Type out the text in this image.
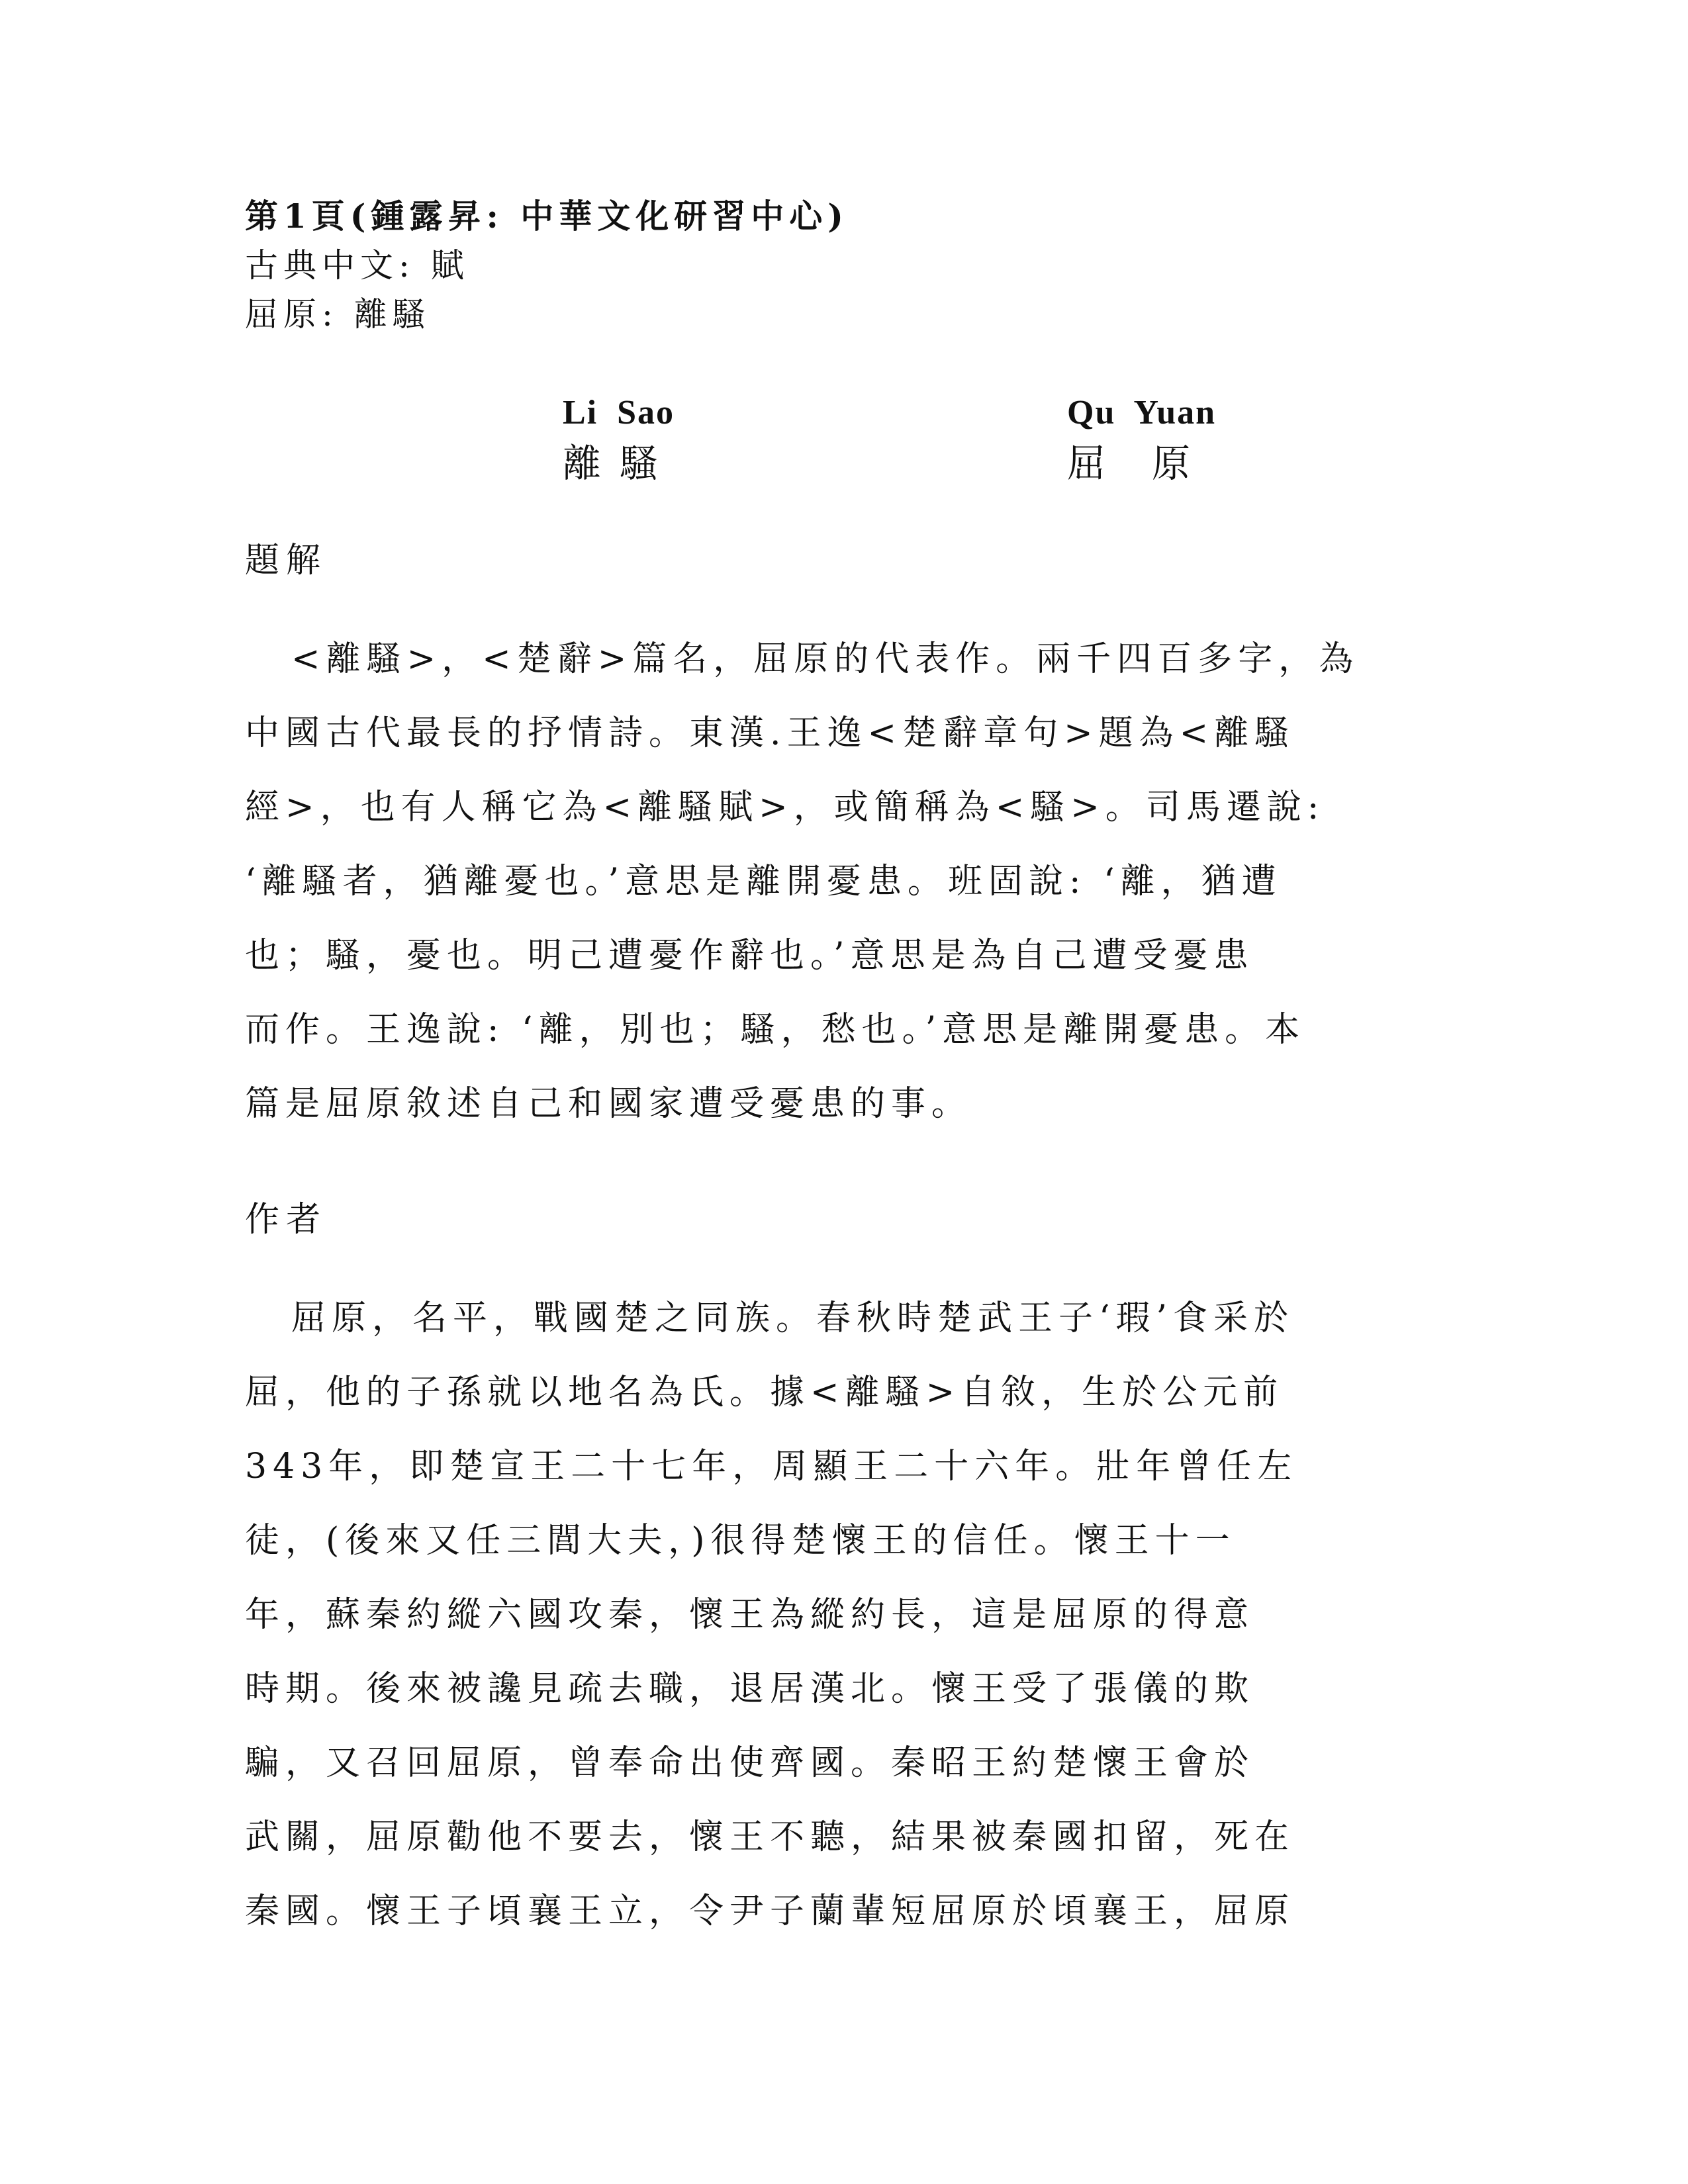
第1頁(鍾露昇: 中華文化研習中心)
古典中文: 賦
屈原: 離騷
Li Sao
離騷
Qu Yuan
屈原
題解
<離騷>，<楚辭>篇名，屈原的代表作。兩千四百多字，為
中國古代最長的抒情詩。東漢.王逸<楚辭章句>題為<離騷
經>，也有人稱它為<離騷賦>，或簡稱為<騷>。司馬遷說:
‘離騷者，猶離憂也。’意思是離開憂患。班固說: ‘離，猶遭
也；騷，憂也。明己遭憂作辭也。’意思是為自己遭受憂患
而作。王逸說: ‘離，別也；騷，愁也。’意思是離開憂患。本
篇是屈原敘述自己和國家遭受憂患的事。
作者
屈原，名平，戰國楚之同族。春秋時楚武王子‘瑕’食采於
屈，他的子孫就以地名為氏。據<離騷>自敘，生於公元前
343年，即楚宣王二十七年，周顯王二十六年。壯年曾任左
徒，(後來又任三閭大夫，)很得楚懷王的信任。懷王十一
年，蘇秦約縱六國攻秦，懷王為縱約長，這是屈原的得意
時期。後來被讒見疏去職，退居漢北。懷王受了張儀的欺
騙，又召回屈原，曾奉命出使齊國。秦昭王約楚懷王會於
武關，屈原勸他不要去，懷王不聽，結果被秦國扣留，死在
秦國。懷王子頃襄王立，令尹子蘭輩短屈原於頃襄王，屈原
